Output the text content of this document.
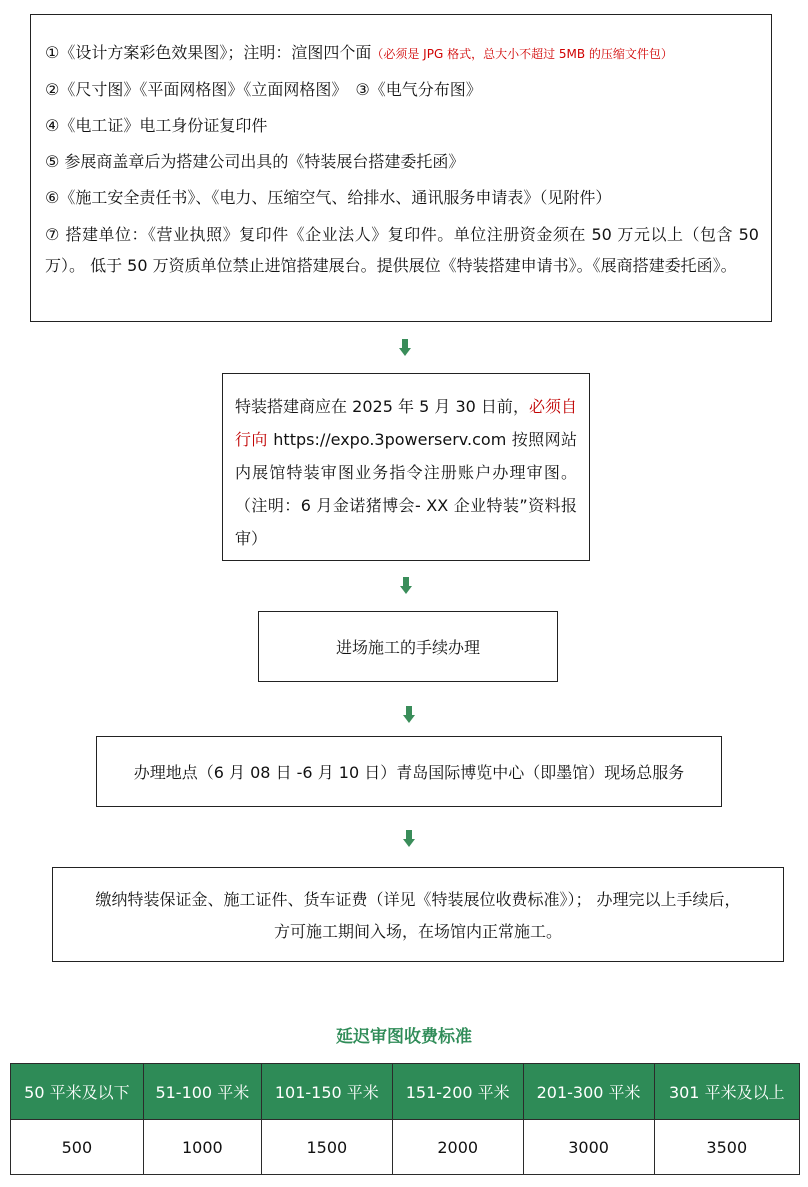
①《设计方案彩色效果图》；注明：渲图四个面（必须是 JPG 格式，总大小不超过 5MB 的压缩文件包）
②《尺寸图》《平面网格图》《立面网格图》　③《电气分布图》
④《电工证》电工身份证复印件
⑤ 参展商盖章后为搭建公司出具的《特装展台搭建委托函》
⑥《施工安全责任书》、《电力、压缩空气、给排水、通讯服务申请表》（见附件）
⑦ 搭建单位：《营业执照》复印件《企业法人》复印件。单位注册资金须在 50 万元以上（包含 50 万）。 低于 50 万资质单位禁止进馆搭建展台。提供展位《特装搭建申请书》。《展商搭建委托函》。
特装搭建商应在 2025 年 5 月 30 日前，必须自行向 https://expo.3powerserv.com 按照网站内展馆特装审图业务指令注册账户办理审图。（注明：6 月金诺猪博会- XX 企业特装”资料报审）
进场施工的手续办理
办理地点（6 月 08 日 -6 月 10 日）青岛国际博览中心（即墨馆）现场总服务
缴纳特装保证金、施工证件、货车证费（详见《特装展位收费标准》）； 办理完以上手续后，
方可施工期间入场，在场馆内正常施工。
延迟审图收费标准
50 平米及以下	51-100 平米	101-150 平米	151-200 平米	201-300 平米	301 平米及以上
500	1000	1500	2000	3000	3500
